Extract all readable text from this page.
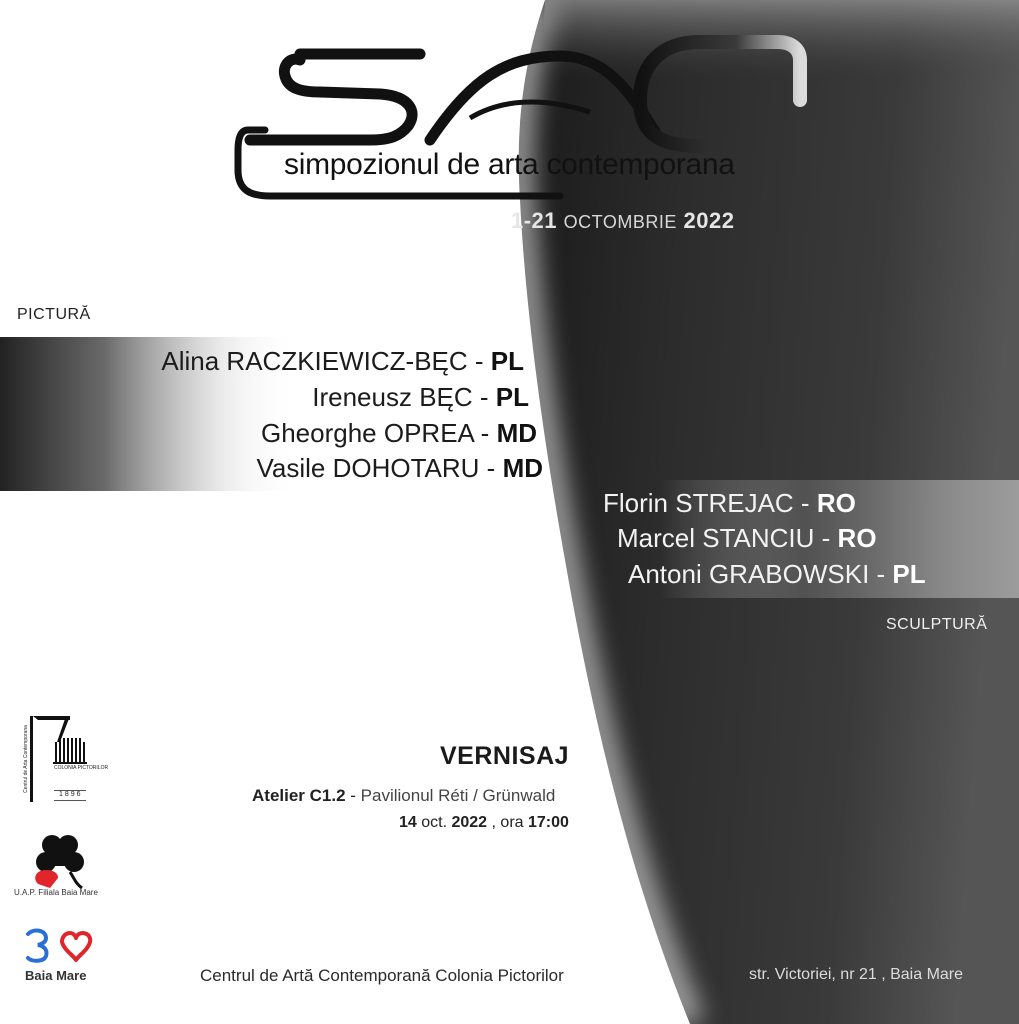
simpozionul de arta contemporana
1-21 OCTOMBRIE 2022
PICTURĂ
Alina RACZKIEWICZ-BĘC - PL
Ireneusz BĘC - PL
Gheorghe OPREA - MD
Vasile DOHOTARU - MD
Florin STREJAC - RO
Marcel STANCIU - RO
Antoni GRABOWSKI - PL
SCULPTURĂ
VERNISAJ
Atelier C1.2 - Pavilionul Réti / Grünwald
14 oct. 2022 , ora 17:00
COLONIA PICTORILOR
1896
Centrul de Arta Contemporana
U.A.P. Filiala Baia Mare
Baia Mare	Centrul de Artă Contemporană Colonia Pictorilor	str. Victoriei, nr 21 , Baia Mare
